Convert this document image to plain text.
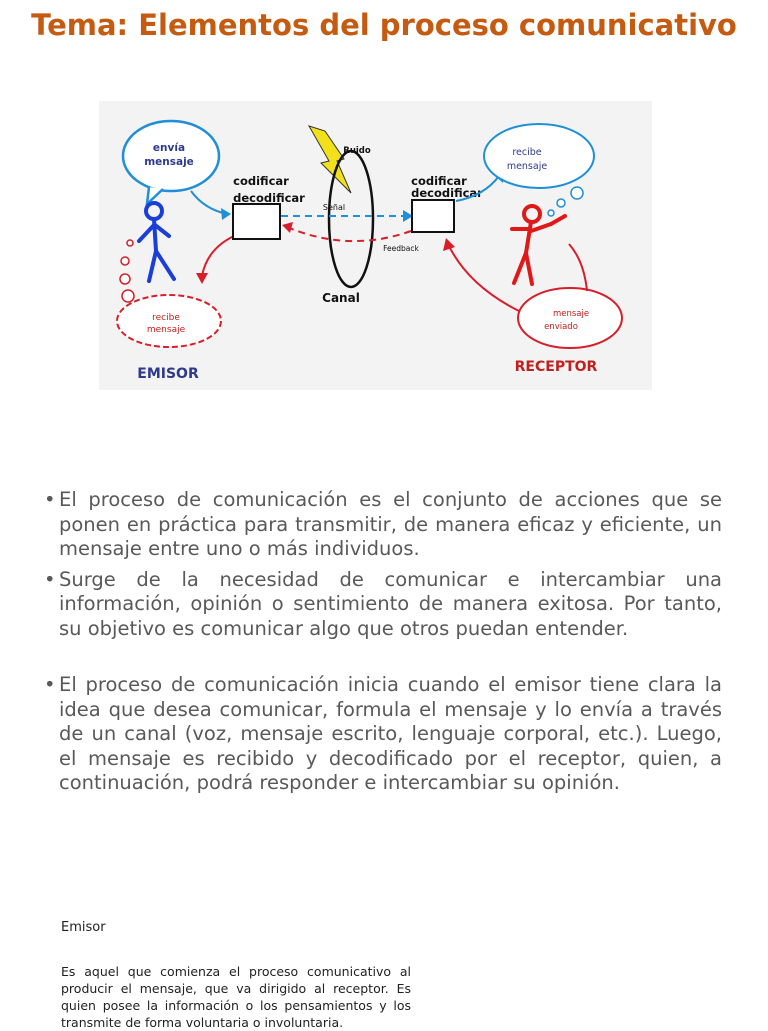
Tema: Elementos del proceso comunicativo
envía
mensaje
recibe
mensaje
codificar
decodificar
Ruido
Canal
Señal
Feedback
codificar
decodificar
recibe
mensaje
mensaje
enviado
EMISOR	RECEPTOR
• El proceso de comunicación es el conjunto de acciones que se ponen en práctica para transmitir, de manera eficaz y eficiente, un mensaje entre uno o más individuos.
• Surge de la necesidad de comunicar e intercambiar una información, opinión o sentimiento de manera exitosa. Por tanto, su objetivo es comunicar algo que otros puedan entender.
• El proceso de comunicación inicia cuando el emisor tiene clara la idea que desea comunicar, formula el mensaje y lo envía a través de un canal (voz, mensaje escrito, lenguaje corporal, etc.). Luego, el mensaje es recibido y decodificado por el receptor, quien, a continuación, podrá responder e intercambiar su opinión.
Emisor
Es aquel que comienza el proceso comunicativo al producir el mensaje, que va dirigido al receptor. Es quien posee la información o los pensamientos y los transmite de forma voluntaria o involuntaria.
